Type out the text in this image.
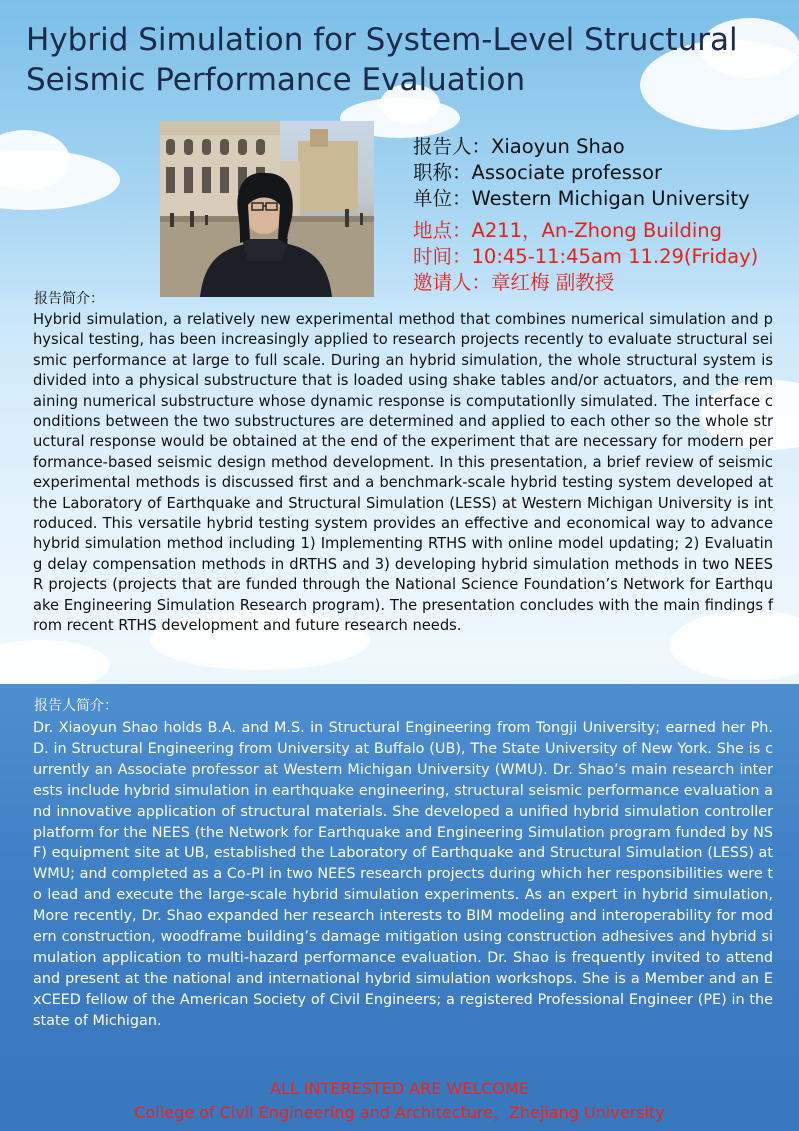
Hybrid Simulation for System-Level Structural Seismic Performance Evaluation
报告人：Xiaoyun Shao
职称：Associate professor
单位：Western Michigan University
地点：A211，An-Zhong Building
时间：10:45-11:45am 11.29(Friday)
邀请人：章红梅 副教授
报告简介：

Hybrid simulation, a relatively new experimental method that combines numerical simulation and physical testing, has been increasingly applied to research projects recently to evaluate structural seismic performance at large to full scale. During an hybrid simulation, the whole structural system is divided into a physical substructure that is loaded using shake tables and/or actuators, and the remaining numerical substructure whose dynamic response is computationlly simulated. The interface conditions between the two substructures are determined and applied to each other so the whole structural response would be obtained at the end of the experiment that are necessary for modern performance-based seismic design method development. In this presentation, a brief review of seismic experimental methods is discussed first and a benchmark-scale hybrid testing system developed at the Laboratory of Earthquake and Structural Simulation (LESS) at Western Michigan University is introduced. This versatile hybrid testing system provides an effective and economical way to advance hybrid simulation method including 1) Implementing RTHS with online model updating; 2) Evaluating delay compensation methods in dRTHS and 3) developing hybrid simulation methods in two NEESR projects (projects that are funded through the National Science Foundation’s Network for Earthquake Engineering Simulation Research program). The presentation concludes with the main findings from recent RTHS development and future research needs.

报告人简介：

Dr. Xiaoyun Shao holds B.A. and M.S. in Structural Engineering from Tongji University; earned her Ph.D. in Structural Engineering from University at Buffalo (UB), The State University of New York. She is currently an Associate professor at Western Michigan University (WMU). Dr. Shao’s main research interests include hybrid simulation in earthquake engineering, structural seismic performance evaluation and innovative application of structural materials. She developed a unified hybrid simulation controller platform for the NEES (the Network for Earthquake and Engineering Simulation program funded by NSF) equipment site at UB, established the Laboratory of Earthquake and Structural Simulation (LESS) at WMU; and completed as a Co-PI in two NEES research projects during which her responsibilities were to lead and execute the large-scale hybrid simulation experiments. As an expert in hybrid simulation, More recently, Dr. Shao expanded her research interests to BIM modeling and interoperability for modern construction, woodframe building’s damage mitigation using construction adhesives and hybrid simulation application to multi-hazard performance evaluation. Dr. Shao is frequently invited to attend and present at the national and international hybrid simulation workshops. She is a Member and an ExCEED fellow of the American Society of Civil Engineers; a registered Professional Engineer (PE) in the state of Michigan.

ALL INTERESTED ARE WELCOME
College of Civil Engineering and Architecture，Zhejiang University
